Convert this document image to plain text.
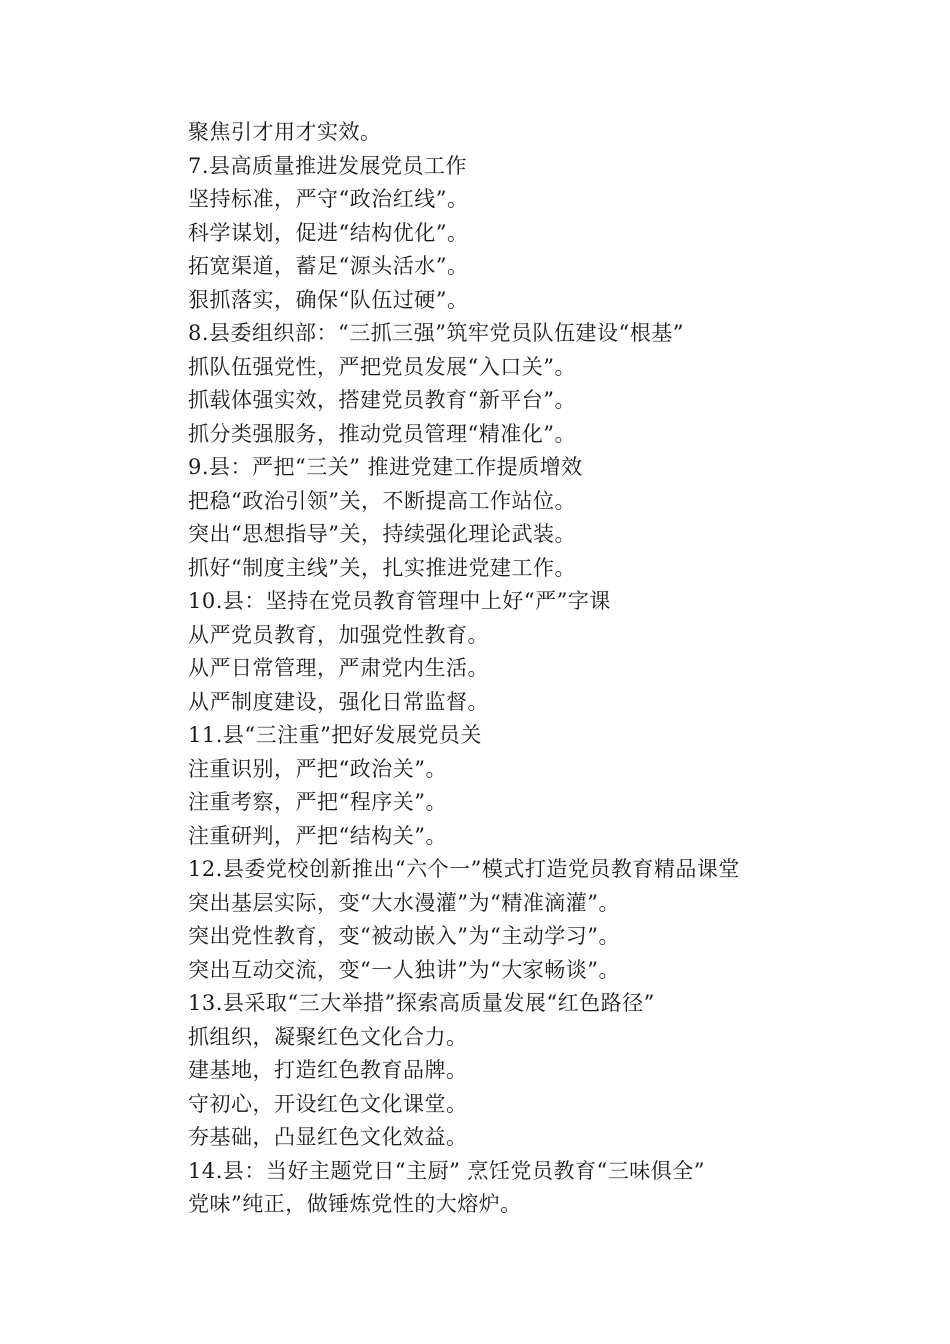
聚焦引才用才实效。
7.县高质量推进发展党员工作
坚持标准，严守“政治红线”。
科学谋划，促进“结构优化”。
拓宽渠道，蓄足“源头活水”。
狠抓落实，确保“队伍过硬”。
8.县委组织部：“三抓三强”筑牢党员队伍建设“根基”
抓队伍强党性，严把党员发展“入口关”。
抓载体强实效，搭建党员教育“新平台”。
抓分类强服务，推动党员管理“精准化”。
9.县：严把“三关” 推进党建工作提质增效
把稳“政治引领”关，不断提高工作站位。
突出“思想指导”关，持续强化理论武装。
抓好“制度主线”关，扎实推进党建工作。
10.县：坚持在党员教育管理中上好“严”字课
从严党员教育，加强党性教育。
从严日常管理，严肃党内生活。
从严制度建设，强化日常监督。
11.县“三注重”把好发展党员关
注重识别，严把“政治关”。
注重考察，严把“程序关”。
注重研判，严把“结构关”。
12.县委党校创新推出“六个一”模式打造党员教育精品课堂
突出基层实际，变“大水漫灌”为“精准滴灌”。
突出党性教育，变“被动嵌入”为“主动学习”。
突出互动交流，变“一人独讲”为“大家畅谈”。
13.县采取“三大举措”探索高质量发展“红色路径”
抓组织，凝聚红色文化合力。
建基地，打造红色教育品牌。
守初心，开设红色文化课堂。
夯基础，凸显红色文化效益。
14.县：当好主题党日“主厨” 烹饪党员教育“三味俱全”
党味”纯正，做锤炼党性的大熔炉。
